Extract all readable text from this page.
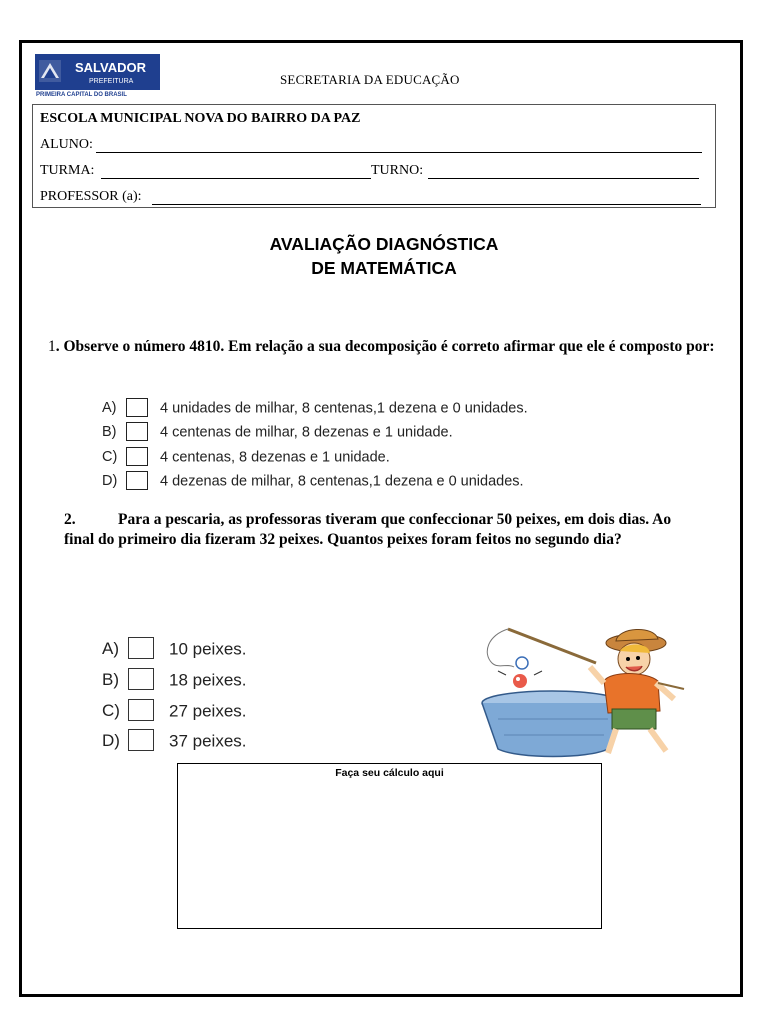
SALVADOR
PREFEITURA
PRIMEIRA CAPITAL DO BRASIL
SECRETARIA DA EDUCAÇÃO
ESCOLA MUNICIPAL NOVA DO BAIRRO DA PAZ
ALUNO:
TURMA:	TURNO:
PROFESSOR (a):
AVALIAÇÃO DIAGNÓSTICA
DE MATEMÁTICA
1. Observe o número 4810. Em relação a sua decomposição é correto afirmar que ele é composto por:
A)	4 unidades de milhar, 8 centenas,1 dezena e 0 unidades.
B)	4 centenas de milhar, 8 dezenas e 1 unidade.
C)	4 centenas, 8 dezenas e 1 unidade.
D)	4 dezenas de milhar, 8 centenas,1 dezena e 0 unidades.
2.	Para a pescaria, as professoras tiveram que confeccionar 50 peixes, em dois dias. Ao final do primeiro dia fizeram 32 peixes. Quantos peixes foram feitos no segundo dia?
A)	10 peixes.
B)	18 peixes.
C)	27 peixes.
D)	37 peixes.
Faça seu cálculo aqui
